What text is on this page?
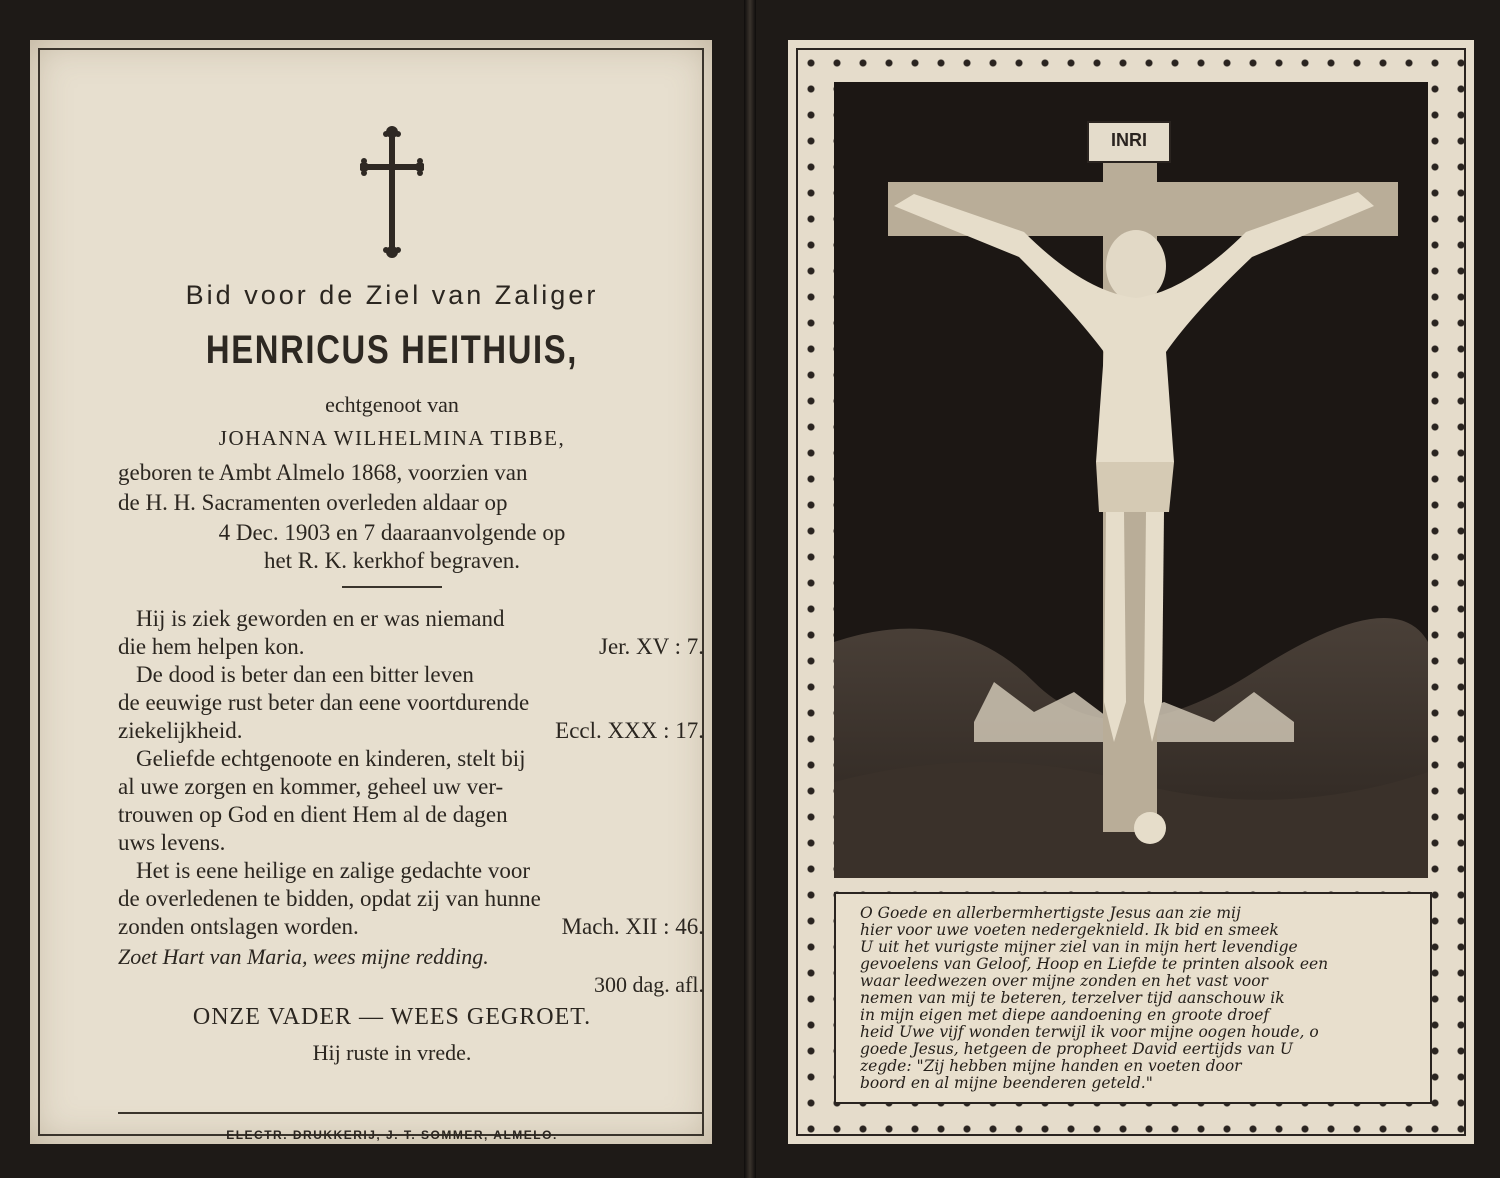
Bid voor de Ziel van Zaliger
HENRICUS HEITHUIS,
echtgenoot van
JOHANNA WILHELMINA TIBBE,
geboren te Ambt Almelo 1868, voorzien van
de H. H. Sacramenten overleden aldaar op
4 Dec. 1903 en 7 daaraanvolgende op
het R. K. kerkhof begraven.
Hij is ziek geworden en er was niemand
die hem helpen kon.	Jer. XV : 7.
De dood is beter dan een bitter leven
de eeuwige rust beter dan eene voortdurende
ziekelijkheid.	Eccl. XXX : 17.
Geliefde echtgenoote en kinderen, stelt bij
al uwe zorgen en kommer, geheel uw ver-
trouwen op God en dient Hem al de dagen
uws levens.
Het is eene heilige en zalige gedachte voor
de overledenen te bidden, opdat zij van hunne
zonden ontslagen worden.	Mach. XII : 46.
Zoet Hart van Maria, wees mijne redding.
300 dag. afl.
ONZE VADER — WEES GEGROET.
Hij ruste in vrede.
ELECTR. DRUKKERIJ, J. T. SOMMER, ALMELO.
INRI
O Goede en allerbermhertigste Jesus aan zie mij
hier voor uwe voeten nedergeknield. Ik bid en smeek
U uit het vurigste mijner ziel van in mijn hert levendige
gevoelens van Geloof, Hoop en Liefde te printen alsook een
waar leedwezen over mijne zonden en het vast voor
nemen van mij te beteren, terzelver tijd aanschouw ik
in mijn eigen met diepe aandoening en groote droef
heid Uwe vijf wonden terwijl ik voor mijne oogen houde, o
goede Jesus, hetgeen de propheet David eertijds van U
zegde: "Zij hebben mijne handen en voeten door
boord en al mijne beenderen geteld."
